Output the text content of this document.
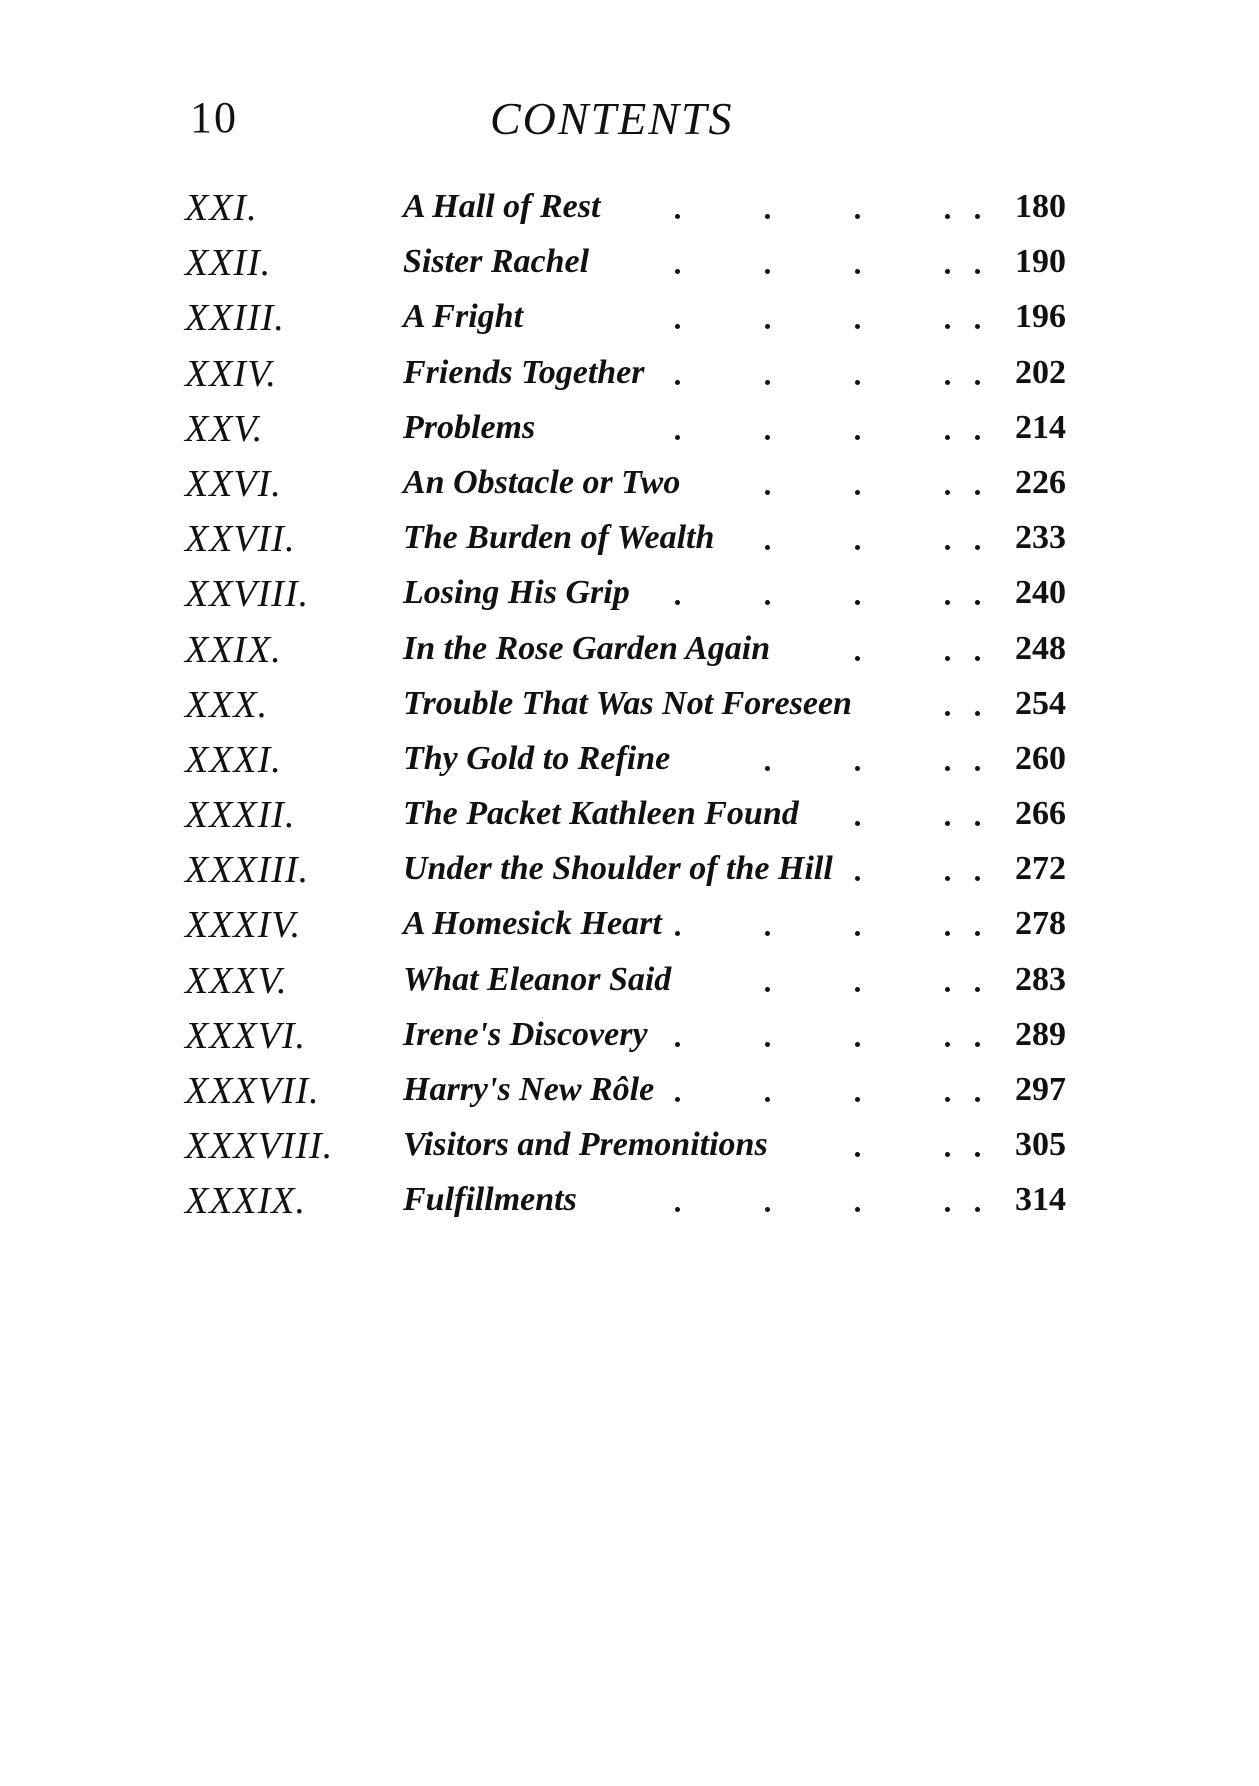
10	CONTENTS
XXI.	A Hall of Rest	180
XXII.	Sister Rachel	190
XXIII.	A Fright	196
XXIV.	Friends Together	202
XXV.	Problems	214
XXVI.	An Obstacle or Two	226
XXVII.	The Burden of Wealth	233
XXVIII.	Losing His Grip	240
XXIX.	In the Rose Garden Again	248
XXX.	Trouble That Was Not Foreseen	254
XXXI.	Thy Gold to Refine	260
XXXII.	The Packet Kathleen Found	266
XXXIII.	Under the Shoulder of the Hill	272
XXXIV.	A Homesick Heart	278
XXXV.	What Eleanor Said	283
XXXVI.	Irene's Discovery	289
XXXVII. Harry's New Rôle	297
XXXVIII. Visitors and Premonitions	305
XXXIX.	Fulfillments	314
